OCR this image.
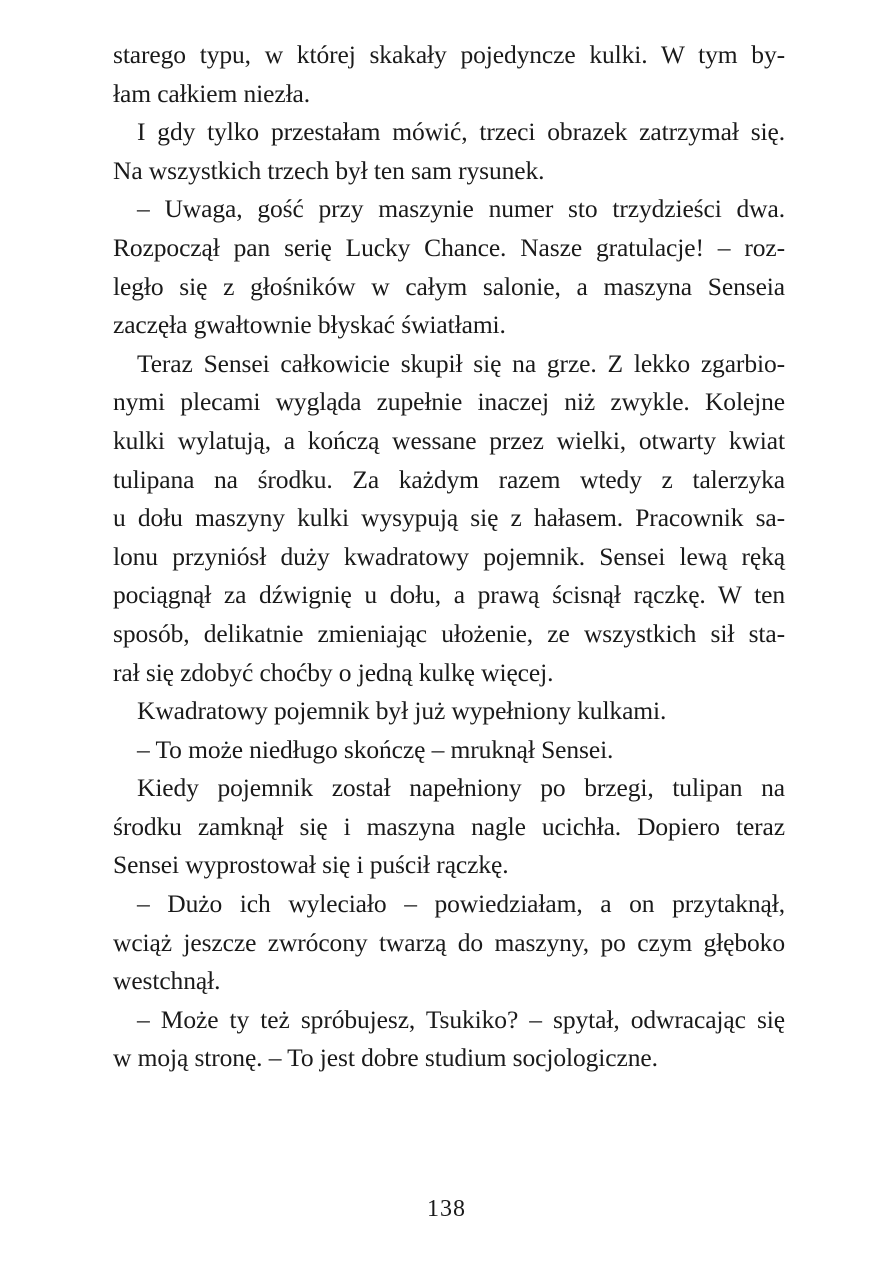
starego typu, w której skakały pojedyncze kulki. W tym by-
łam całkiem niezła.
I gdy tylko przestałam mówić, trzeci obrazek zatrzymał się.
Na wszystkich trzech był ten sam rysunek.
– Uwaga, gość przy maszynie numer sto trzydzieści dwa.
Rozpoczął pan serię Lucky Chance. Nasze gratulacje! – roz-
legło się z głośników w całym salonie, a maszyna Senseia
zaczęła gwałtownie błyskać światłami.
Teraz Sensei całkowicie skupił się na grze. Z lekko zgarbio-
nymi plecami wygląda zupełnie inaczej niż zwykle. Kolejne
kulki wylatują, a kończą wessane przez wielki, otwarty kwiat
tulipana na środku. Za każdym razem wtedy z talerzyka
u dołu maszyny kulki wysypują się z hałasem. Pracownik sa-
lonu przyniósł duży kwadratowy pojemnik. Sensei lewą ręką
pociągnął za dźwignię u dołu, a prawą ścisnął rączkę. W ten
sposób, delikatnie zmieniając ułożenie, ze wszystkich sił sta-
rał się zdobyć choćby o jedną kulkę więcej.
Kwadratowy pojemnik był już wypełniony kulkami.
– To może niedługo skończę – mruknął Sensei.
Kiedy pojemnik został napełniony po brzegi, tulipan na
środku zamknął się i maszyna nagle ucichła. Dopiero teraz
Sensei wyprostował się i puścił rączkę.
– Dużo ich wyleciało – powiedziałam, a on przytaknął,
wciąż jeszcze zwrócony twarzą do maszyny, po czym głęboko
westchnął.
– Może ty też spróbujesz, Tsukiko? – spytał, odwracając się
w moją stronę. – To jest dobre studium socjologiczne.
138
